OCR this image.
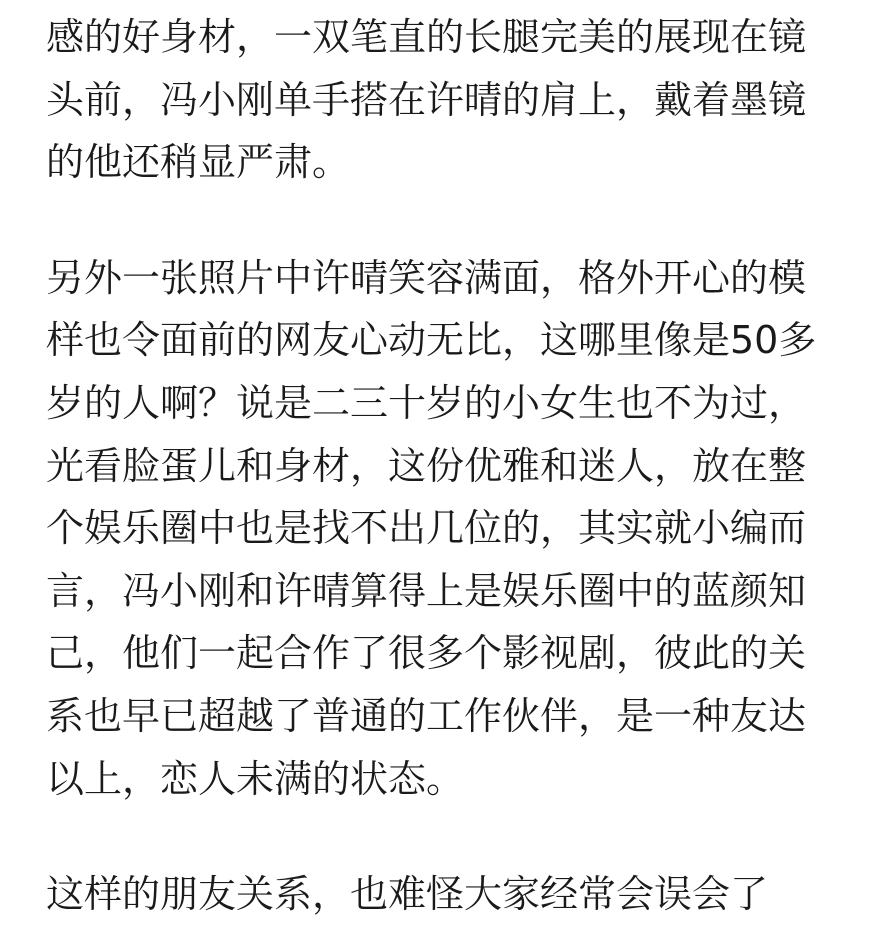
感的好身材，一双笔直的长腿完美的展现在镜
头前，冯小刚单手搭在许晴的肩上，戴着墨镜
的他还稍显严肃。
另外一张照片中许晴笑容满面，格外开心的模
样也令面前的网友心动无比，这哪里像是50多
岁的人啊？说是二三十岁的小女生也不为过，
光看脸蛋儿和身材，这份优雅和迷人，放在整
个娱乐圈中也是找不出几位的，其实就小编而
言，冯小刚和许晴算得上是娱乐圈中的蓝颜知
己，他们一起合作了很多个影视剧，彼此的关
系也早已超越了普通的工作伙伴，是一种友达
以上，恋人未满的状态。
这样的朋友关系，也难怪大家经常会误会了
